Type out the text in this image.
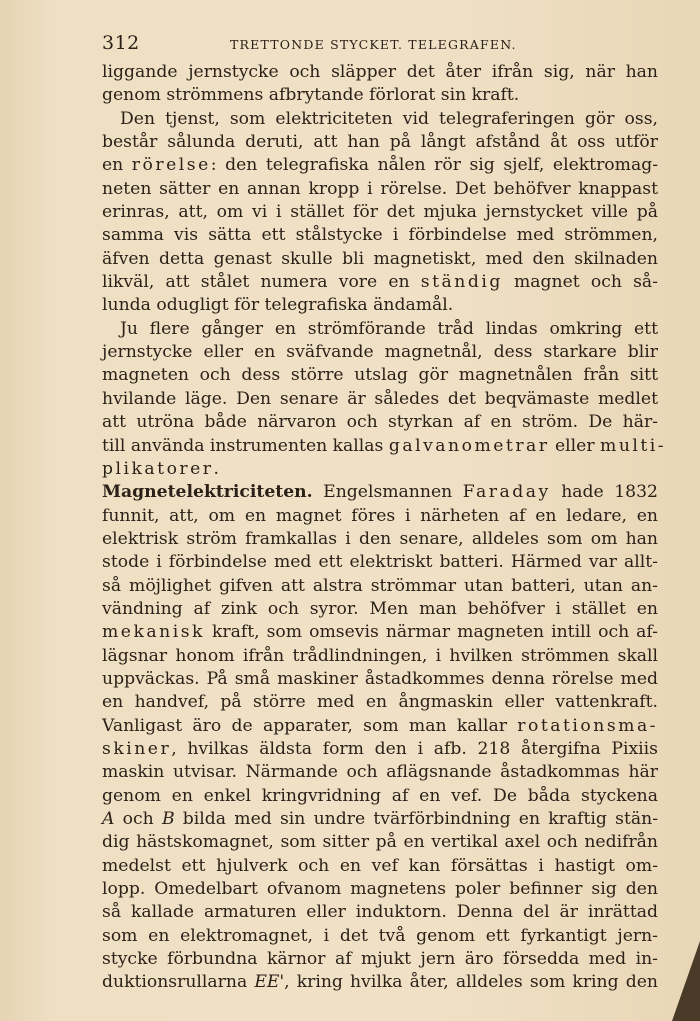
312	TRETTONDE STYCKET. TELEGRAFEN.
liggande jernstycke och släpper det åter ifrån sig, när han
genom strömmens afbrytande förlorat sin kraft.
Den tjenst, som elektriciteten vid telegraferingen gör oss,
består sålunda deruti, att han på långt afstånd åt oss utför
en rörelse: den telegrafiska nålen rör sig sjelf, elektromag-
neten sätter en annan kropp i rörelse. Det behöfver knappast
erinras, att, om vi i stället för det mjuka jernstycket ville på
samma vis sätta ett stålstycke i förbindelse med strömmen,
äfven detta genast skulle bli magnetiskt, med den skilnaden
likväl, att stålet numera vore en ständig magnet och så-
lunda odugligt för telegrafiska ändamål.
Ju flere gånger en strömförande tråd lindas omkring ett
jernstycke eller en sväfvande magnetnål, dess starkare blir
magneten och dess större utslag gör magnetnålen från sitt
hvilande läge. Den senare är således det beqvämaste medlet
att utröna både närvaron och styrkan af en ström. De här-
till använda instrumenten kallas galvanometrar eller multi-
plikatorer.
Magnetelektriciteten. Engelsmannen Faraday hade 1832
funnit, att, om en magnet föres i närheten af en ledare, en
elektrisk ström framkallas i den senare, alldeles som om han
stode i förbindelse med ett elektriskt batteri. Härmed var allt-
så möjlighet gifven att alstra strömmar utan batteri, utan an-
vändning af zink och syror. Men man behöfver i stället en
mekanisk kraft, som omsevis närmar magneten intill och af-
lägsnar honom ifrån trådlindningen, i hvilken strömmen skall
uppväckas. På små maskiner åstadkommes denna rörelse med
en handvef, på större med en ångmaskin eller vattenkraft.
Vanligast äro de apparater, som man kallar rotationsma-
skiner, hvilkas äldsta form den i afb. 218 återgifna Pixiis
maskin utvisar. Närmande och aflägsnande åstadkommas här
genom en enkel kringvridning af en vef. De båda styckena
A och B bilda med sin undre tvärförbindning en kraftig stän-
dig hästskomagnet, som sitter på en vertikal axel och nedifrån
medelst ett hjulverk och en vef kan försättas i hastigt om-
lopp. Omedelbart ofvanom magnetens poler befinner sig den
så kallade armaturen eller induktorn. Denna del är inrättad
som en elektromagnet, i det två genom ett fyrkantigt jern-
stycke förbundna kärnor af mjukt jern äro försedda med in-
duktionsrullarna EE', kring hvilka åter, alldeles som kring den
